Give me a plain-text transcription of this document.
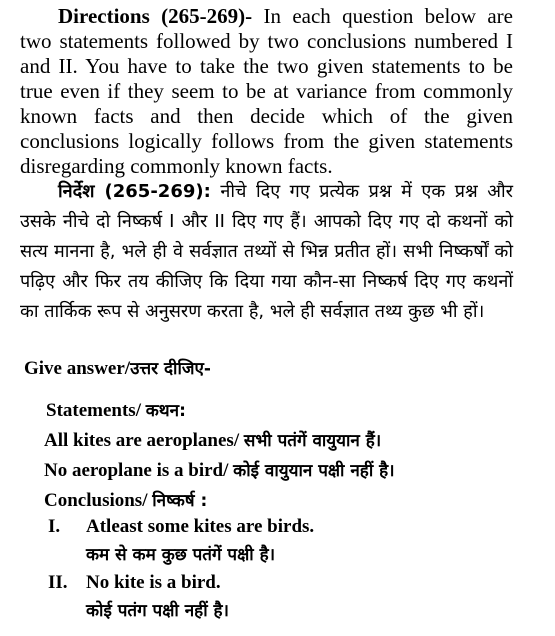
Directions (265-269)- In each question below are two statements followed by two conclusions numbered I and II. You have to take the two given statements to be true even if they seem to be at variance from commonly known facts and then decide which of the given conclusions logically follows from the given statements disregarding commonly known facts.
निर्देश (265-269): नीचे दिए गए प्रत्येक प्रश्न में एक प्रश्न और उसके नीचे दो निष्कर्ष I और II दिए गए हैं। आपको दिए गए दो कथनों को सत्य मानना है, भले ही वे सर्वज्ञात तथ्यों से भिन्न प्रतीत हों। सभी निष्कर्षों को पढ़िए और फिर तय कीजिए कि दिया गया कौन-सा निष्कर्ष दिए गए कथनों का तार्किक रूप से अनुसरण करता है, भले ही सर्वज्ञात तथ्य कुछ भी हों।
Give answer/उत्तर दीजिए-
Statements/ कथन:
All kites are aeroplanes/ सभी पतंगें वायुयान हैं।
No aeroplane is a bird/ कोई वायुयान पक्षी नहीं है।
Conclusions/ निष्कर्ष :
I. Atleast some kites are birds.
कम से कम कुछ पतंगें पक्षी है।
II. No kite is a bird.
कोई पतंग पक्षी नहीं है।
